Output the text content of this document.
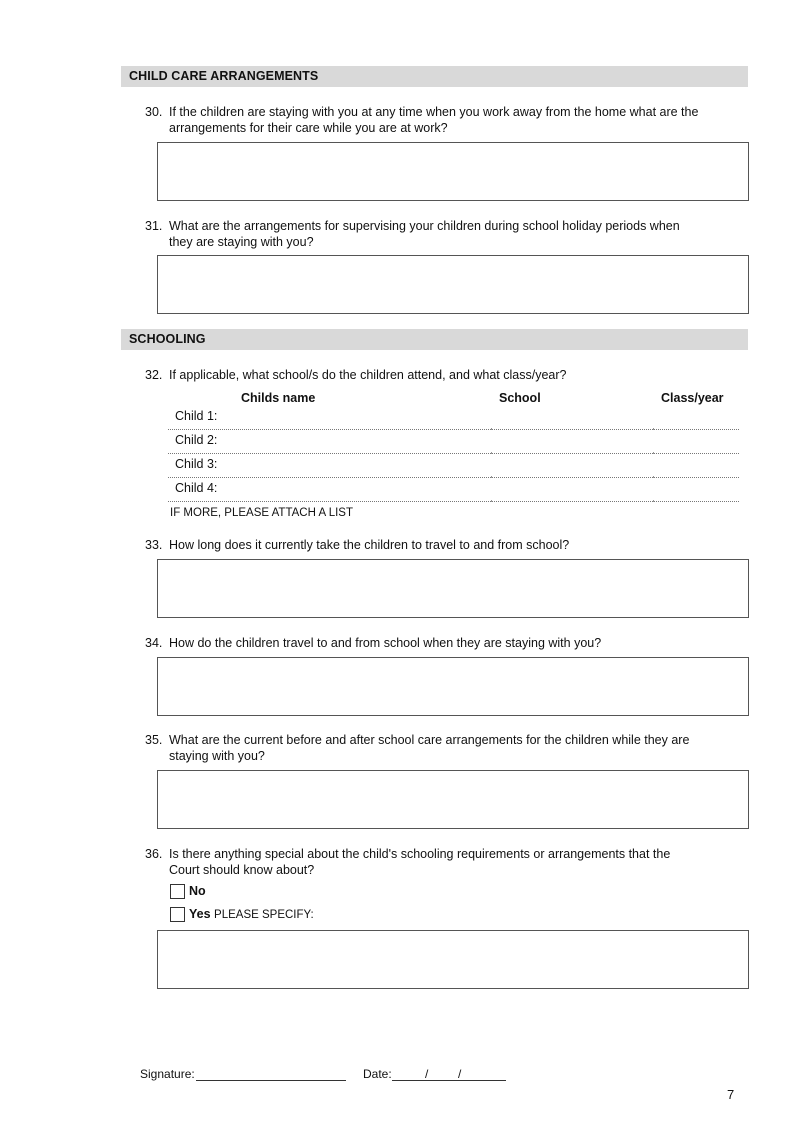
CHILD CARE ARRANGEMENTS
30. If the children are staying with you at any time when you work away from the home what are the arrangements for their care while you are at work?
31. What are the arrangements for supervising your children during school holiday periods when they are staying with you?
SCHOOLING
32. If applicable, what school/s do the children attend, and what class/year?
Childs name	School	Class/year
Child 1:
Child 2:
Child 3:
Child 4:
IF MORE, PLEASE ATTACH A LIST
33. How long does it currently take the children to travel to and from school?
34. How do the children travel to and from school when they are staying with you?
35. What are the current before and after school care arrangements for the children while they are staying with you?
36. Is there anything special about the child's schooling requirements or arrangements that the Court should know about?
No
Yes PLEASE SPECIFY:
Signature:	Date:	/ /
7
